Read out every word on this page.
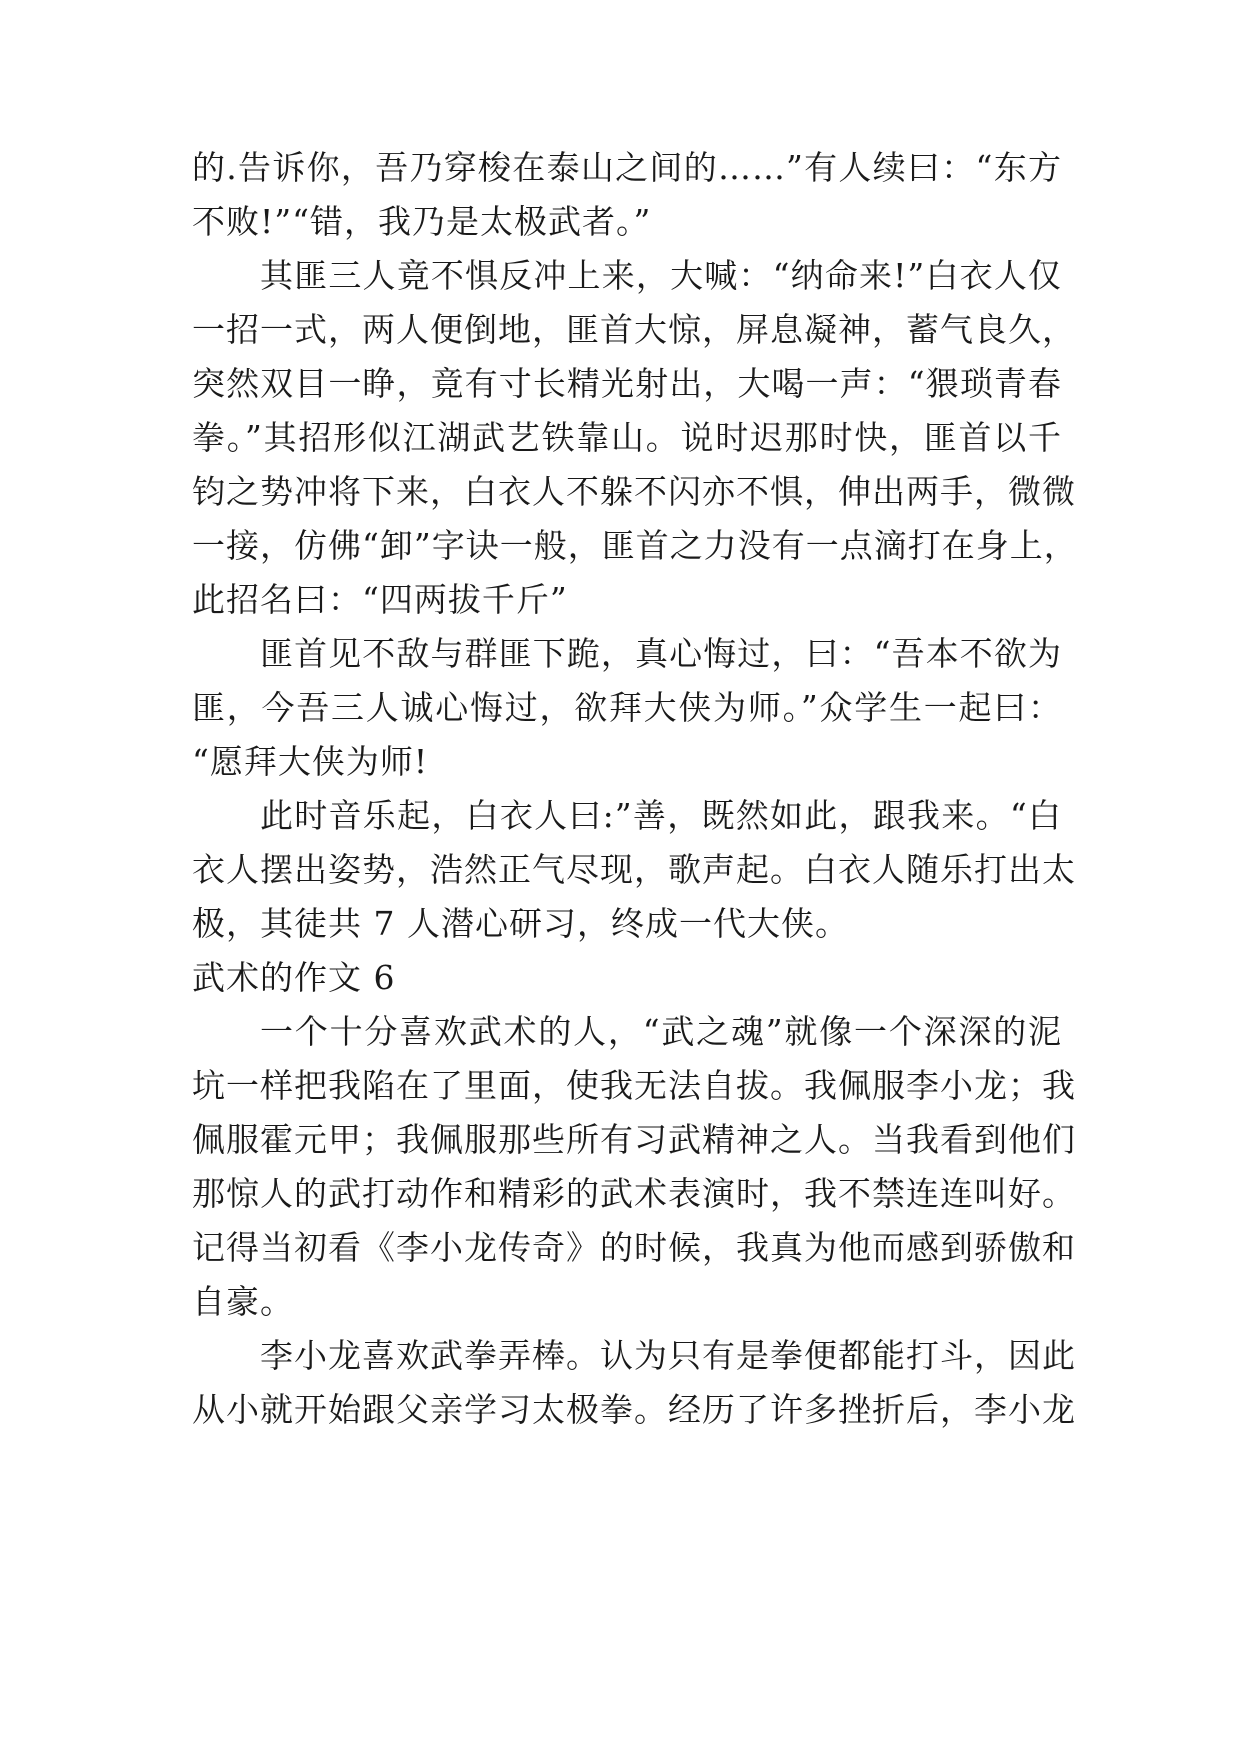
的.告诉你，吾乃穿梭在泰山之间的……”有人续曰：“东方
不败!”“错，我乃是太极武者。”
其匪三人竟不惧反冲上来，大喊：“纳命来!”白衣人仅
一招一式，两人便倒地，匪首大惊，屏息凝神，蓄气良久，
突然双目一睁，竟有寸长精光射出，大喝一声：“猥琐青春
拳。”其招形似江湖武艺铁靠山。说时迟那时快，匪首以千
钧之势冲将下来，白衣人不躲不闪亦不惧，伸出两手，微微
一接，仿佛“卸”字诀一般，匪首之力没有一点滴打在身上，
此招名曰：“四两拔千斤”
匪首见不敌与群匪下跪，真心悔过，曰：“吾本不欲为
匪，今吾三人诚心悔过，欲拜大侠为师。”众学生一起曰：
“愿拜大侠为师!
此时音乐起，白衣人曰:”善，既然如此，跟我来。“白
衣人摆出姿势，浩然正气尽现，歌声起。白衣人随乐打出太
极，其徒共 7 人潜心研习，终成一代大侠。
武术的作文 6
一个十分喜欢武术的人，“武之魂”就像一个深深的泥
坑一样把我陷在了里面，使我无法自拔。我佩服李小龙；我
佩服霍元甲；我佩服那些所有习武精神之人。当我看到他们
那惊人的武打动作和精彩的武术表演时，我不禁连连叫好。
记得当初看《李小龙传奇》的时候，我真为他而感到骄傲和
自豪。
李小龙喜欢武拳弄棒。认为只有是拳便都能打斗，因此
从小就开始跟父亲学习太极拳。经历了许多挫折后，李小龙
